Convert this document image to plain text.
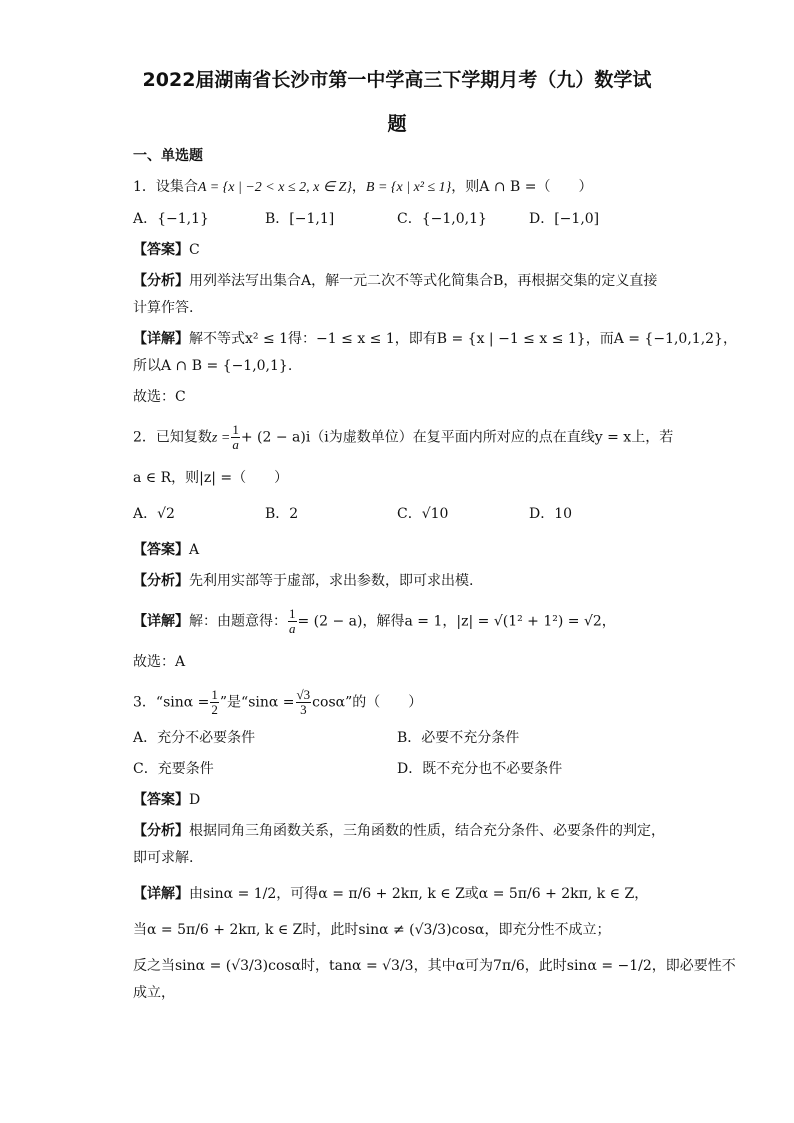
2022届湖南省长沙市第一中学高三下学期月考（九）数学试
题
一、单选题
1．设集合A = {x | −2 < x ≤ 2, x ∈ Z}，B = {x | x² ≤ 1}，则A ∩ B =（　　）
A．{−1,1}	B．[−1,1]	C．{−1,0,1}	D．[−1,0]
【答案】C
【分析】用列举法写出集合A，解一元二次不等式化简集合B，再根据交集的定义直接
计算作答.
【详解】解不等式x² ≤ 1得：−1 ≤ x ≤ 1，即有B = {x | −1 ≤ x ≤ 1}，而A = {−1,0,1,2}，
所以A ∩ B = {−1,0,1}.
故选：C
2．已知复数$z = \frac{1}{a} + (2 - a)i(i$为虚数单位）在复平面内所对应的点在直线y = x上，若
a ∈ R，则|z| =（　　）
A．√2	B．2	C．√10	D．10
【答案】A
【分析】先利用实部等于虚部，求出参数，即可求出模.
【详解】解：由题意得： $\frac{1}{a} = (2 - a)$，解得a = 1，|z| = √(1² + 1²) = √2，
故选：A
3．“$\sin\alpha = \frac{1}{2}$ ”是“$\sin\alpha = \frac{√3}{3} \cos\alpha$”的（　　）
A．充分不必要条件	B．必要不充分条件
C．充要条件	D．既不充分也不必要条件
【答案】D
【分析】根据同角三角函数关系，三角函数的性质，结合充分条件、必要条件的判定，
即可求解.
【详解】由sinα = 1/2，可得α = π/6 + 2kπ, k ∈ Z或α = 5π/6 + 2kπ, k ∈ Z，
当α = 5π/6 + 2kπ, k ∈ Z时，此时sinα ≠ (√3/3)cosα，即充分性不成立；
反之当sinα = (√3/3)cosα时，tanα = √3/3，其中α可为7π/6，此时sinα = −1/2，即必要性不
成立，
